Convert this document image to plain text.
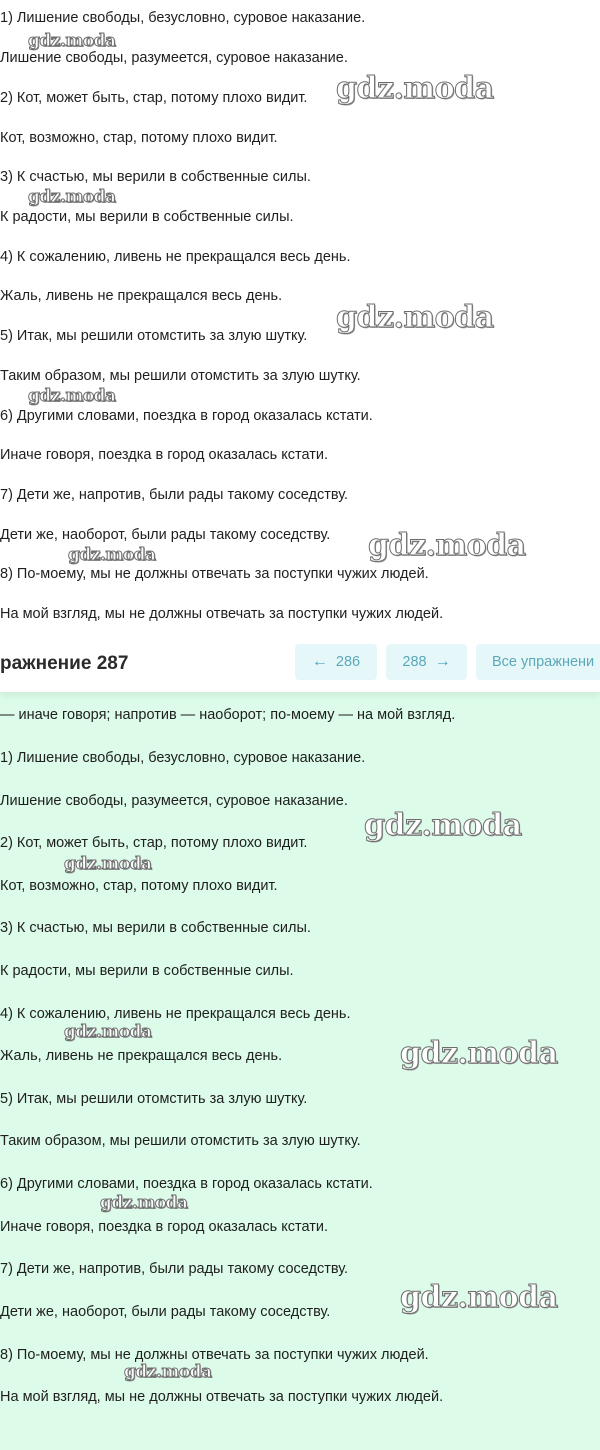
1) Лишение свободы, безусловно, суровое наказание.
Лишение свободы, разумеется, суровое наказание.
2) Кот, может быть, стар, потому плохо видит.
Кот, возможно, стар, потому плохо видит.
3) К счастью, мы верили в собственные силы.
К радости, мы верили в собственные силы.
4) К сожалению, ливень не прекращался весь день.
Жаль, ливень не прекращался весь день.
5) Итак, мы решили отомстить за злую шутку.
Таким образом, мы решили отомстить за злую шутку.
6) Другими словами, поездка в город оказалась кстати.
Иначе говоря, поездка в город оказалась кстати.
7) Дети же, напротив, были рады такому соседству.
Дети же, наоборот, были рады такому соседству.
8) По-моему, мы не должны отвечать за поступки чужих людей.
На мой взгляд, мы не должны отвечать за поступки чужих людей.
ражнение 287	← 286	288 →	Все упражнени
— иначе говоря; напротив — наоборот; по-моему — на мой взгляд.
1) Лишение свободы, безусловно, суровое наказание.
Лишение свободы, разумеется, суровое наказание.
2) Кот, может быть, стар, потому плохо видит.
Кот, возможно, стар, потому плохо видит.
3) К счастью, мы верили в собственные силы.
К радости, мы верили в собственные силы.
4) К сожалению, ливень не прекращался весь день.
Жаль, ливень не прекращался весь день.
5) Итак, мы решили отомстить за злую шутку.
Таким образом, мы решили отомстить за злую шутку.
6) Другими словами, поездка в город оказалась кстати.
Иначе говоря, поездка в город оказалась кстати.
7) Дети же, напротив, были рады такому соседству.
Дети же, наоборот, были рады такому соседству.
8) По-моему, мы не должны отвечать за поступки чужих людей.
На мой взгляд, мы не должны отвечать за поступки чужих людей.
gdz.moda
gdz.moda
gdz.moda
gdz.moda
gdz.moda
gdz.moda
gdz.moda
gdz.moda
gdz.moda
gdz.moda
gdz.moda
gdz.moda
gdz.moda
gdz.moda
